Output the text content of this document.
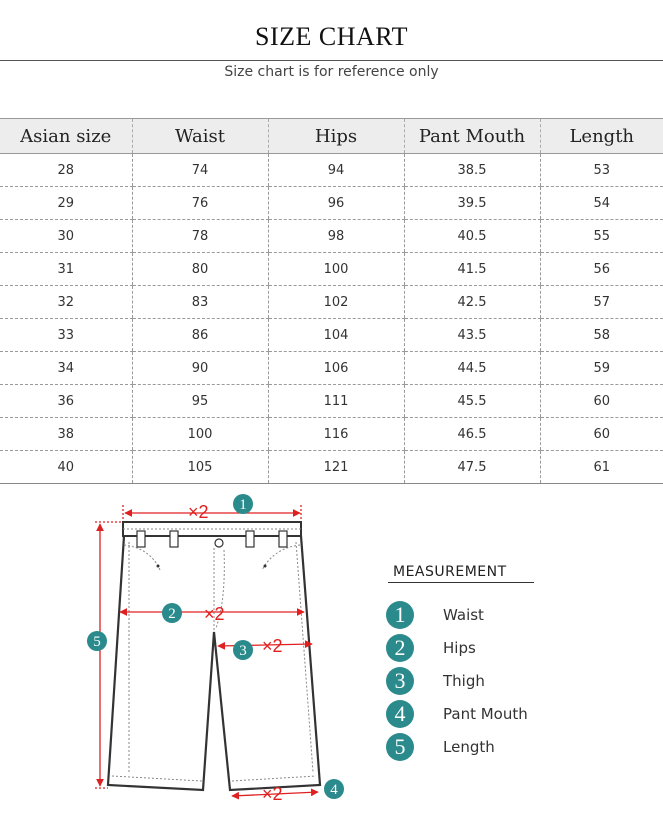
SIZE CHART
Size chart is for reference only
Asian size	Waist	Hips	Pant Mouth	Length
28	74	94	38.5	53
29	76	96	39.5	54
30	78	98	40.5	55
31	80	100	41.5	56
32	83	102	42.5	57
33	86	104	43.5	58
34	90	106	44.5	59
36	95	111	45.5	60
38	100	116	46.5	60
40	105	121	47.5	61
×2
×2
×2
×2
1
2
3
4
5
MEASUREMENT
1	Waist
2	Hips
3	Thigh
4	Pant Mouth
5	Length
